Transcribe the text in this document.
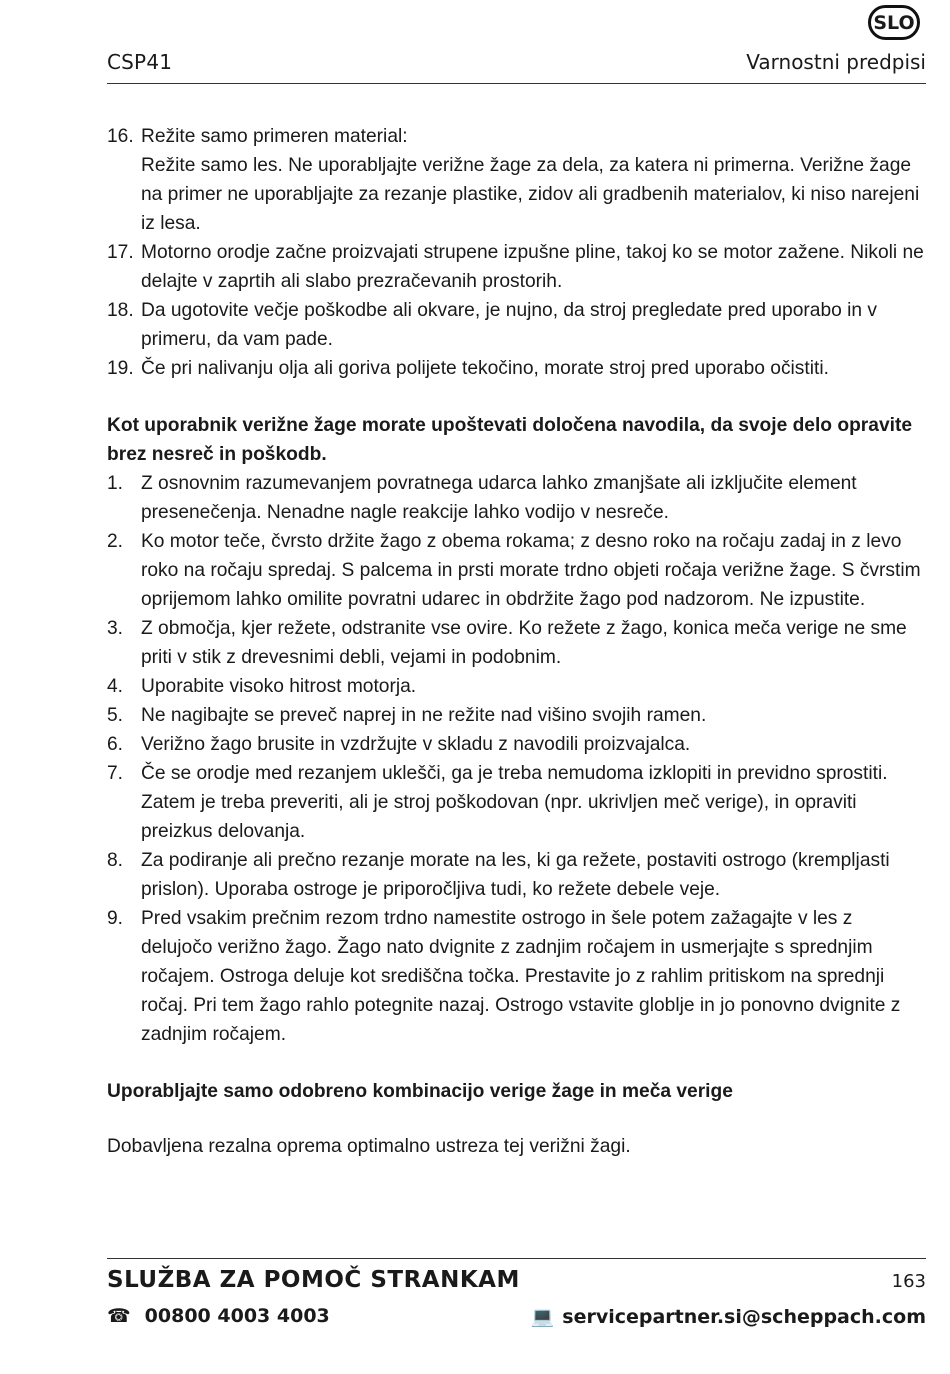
CSP41
SLO
Varnostni predpisi
16. Režite samo primeren material:
Režite samo les. Ne uporabljajte verižne žage za dela, za katera ni primerna. Verižne žage na primer ne uporabljajte za rezanje plastike, zidov ali gradbenih materialov, ki niso narejeni iz lesa.
17. Motorno orodje začne proizvajati strupene izpušne pline, takoj ko se motor zažene. Nikoli ne delajte v zaprtih ali slabo prezračevanih prostorih.
18. Da ugotovite večje poškodbe ali okvare, je nujno, da stroj pregledate pred uporabo in v primeru, da vam pade.
19. Če pri nalivanju olja ali goriva polijete tekočino, morate stroj pred uporabo očistiti.
Kot uporabnik verižne žage morate upoštevati določena navodila, da svoje delo opravite brez nesreč in poškodb.
1. Z osnovnim razumevanjem povratnega udarca lahko zmanjšate ali izključite element presenečenja. Nenadne nagle reakcije lahko vodijo v nesreče.
2. Ko motor teče, čvrsto držite žago z obema rokama; z desno roko na ročaju zadaj in z levo roko na ročaju spredaj. S palcema in prsti morate trdno objeti ročaja verižne žage. S čvrstim oprijemom lahko omilite povratni udarec in obdržite žago pod nadzorom. Ne izpustite.
3. Z območja, kjer režete, odstranite vse ovire. Ko režete z žago, konica meča verige ne sme priti v stik z drevesnimi debli, vejami in podobnim.
4. Uporabite visoko hitrost motorja.
5. Ne nagibajte se preveč naprej in ne režite nad višino svojih ramen.
6. Verižno žago brusite in vzdržujte v skladu z navodili proizvajalca.
7. Če se orodje med rezanjem uklešči, ga je treba nemudoma izklopiti in previdno sprostiti. Zatem je treba preveriti, ali je stroj poškodovan (npr. ukrivljen meč verige), in opraviti preizkus delovanja.
8. Za podiranje ali prečno rezanje morate na les, ki ga režete, postaviti ostrogo (krempljasti prislon). Uporaba ostroge je priporočljiva tudi, ko režete debele veje.
9. Pred vsakim prečnim rezom trdno namestite ostrogo in šele potem zažagajte v les z delujočo verižno žago. Žago nato dvignite z zadnjim ročajem in usmerjajte s sprednjim ročajem. Ostroga deluje kot središčna točka. Prestavite jo z rahlim pritiskom na sprednji ročaj. Pri tem žago rahlo potegnite nazaj. Ostrogo vstavite globlje in jo ponovno dvignite z zadnjim ročajem.
Uporabljajte samo odobreno kombinacijo verige žage in meča verige
Dobavljena rezalna oprema optimalno ustreza tej verižni žagi.
SLUŽBA ZA POMOČ STRANKAM	163
☎ 00800 4003 4003	💻 servicepartner.si@scheppach.com
